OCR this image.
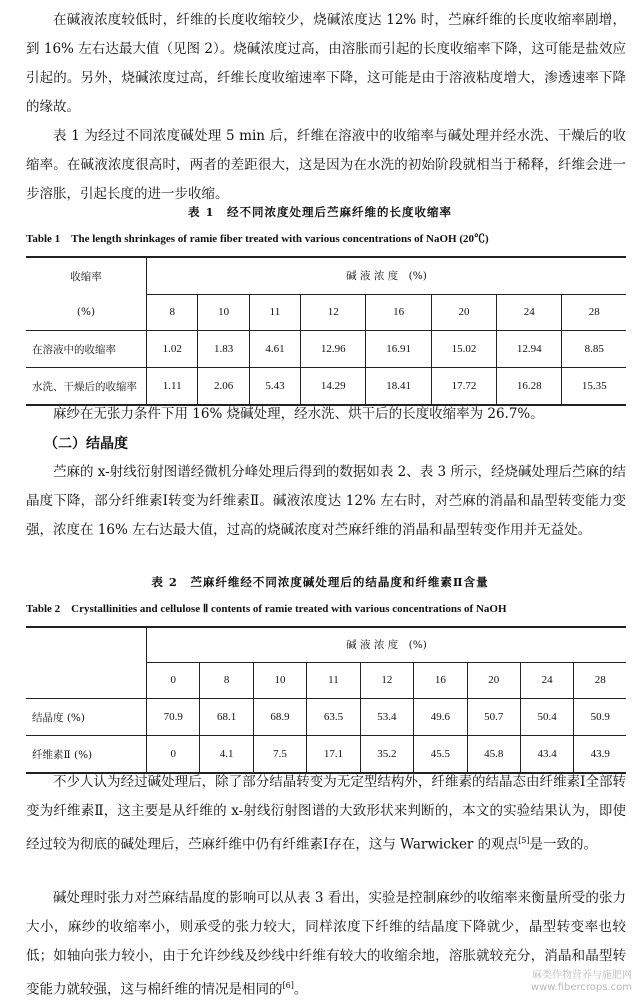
在碱液浓度较低时，纤维的长度收缩较少，烧碱浓度达 12% 时，苎麻纤维的长度收缩率剧增，到 16% 左右达最大值（见图 2）。烧碱浓度过高，由溶胀而引起的长度收缩率下降，这可能是盐效应引起的。另外，烧碱浓度过高，纤维长度收缩速率下降，这可能是由于溶液粘度增大，渗透速率下降的缘故。

表 1 为经过不同浓度碱处理 5 min 后，纤维在溶液中的收缩率与碱处理并经水洗、干燥后的收缩率。在碱液浓度很高时，两者的差距很大，这是因为在水洗的初始阶段就相当于稀释，纤维会进一步溶胀，引起长度的进一步收缩。

表 1　经不同浓度处理后苎麻纤维的长度收缩率
Table 1　The length shrinkages of ramie fiber treated with various concentrations of NaOH (20℃)
收缩率	碱 液 浓 度　(%)							
(%)	8	10	11	12	16	20	24	28
在溶液中的收缩率	1.02	1.83	4.61	12.96	16.91	15.02	12.94	8.85
水洗、干燥后的收缩率	1.11	2.06	5.43	14.29	18.41	17.72	16.28	15.35

麻纱在无张力条件下用 16% 烧碱处理，经水洗、烘干后的长度收缩率为 26.7%。

（二）结晶度

苎麻的 x-射线衍射图谱经微机分峰处理后得到的数据如表 2、表 3 所示，经烧碱处理后苎麻的结晶度下降，部分纤维素Ⅰ转变为纤维素Ⅱ。碱液浓度达 12% 左右时，对苎麻的消晶和晶型转变能力变强，浓度在 16% 左右达最大值，过高的烧碱浓度对苎麻纤维的消晶和晶型转变作用并无益处。

表 2　苎麻纤维经不同浓度碱处理后的结晶度和纤维素Ⅱ含量
Table 2　Crystallinities and cellulose Ⅱ contents of ramie treated with various concentrations of NaOH
	碱 液 浓 度　(%)								
	0	8	10	11	12	16	20	24	28
结晶度 (%)	70.9	68.1	68.9	63.5	53.4	49.6	50.7	50.4	50.9
纤维素Ⅱ (%)	0	4.1	7.5	17.1	35.2	45.5	45.8	43.4	43.9

不少人认为经过碱处理后，除了部分结晶转变为无定型结构外，纤维素的结晶态由纤维素Ⅰ全部转变为纤维素Ⅱ，这主要是从纤维的 x-射线衍射图谱的大致形状来判断的，本文的实验结果认为，即使经过较为彻底的碱处理后，苎麻纤维中仍有纤维素Ⅰ存在，这与 Warwicker 的观点[5]是一致的。

碱处理时张力对苎麻结晶度的影响可以从表 3 看出，实验是控制麻纱的收缩率来衡量所受的张力大小，麻纱的收缩率小，则承受的张力较大，同样浓度下纤维的结晶度下降就少，晶型转变率也较低；如轴向张力较小，由于允许纱线及纱线中纤维有较大的收缩余地，溶胀就较充分，消晶和晶型转变能力就较强，这与棉纤维的情况是相同的[6]。

麻类作物营养与施肥网
www.fibercrops.com
